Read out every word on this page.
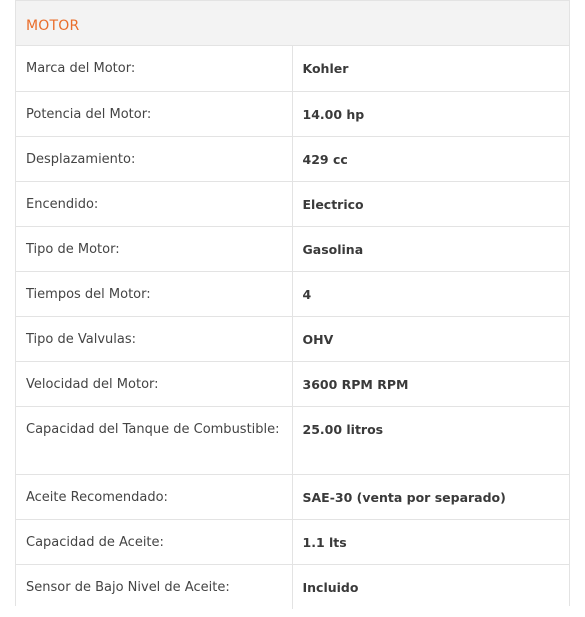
MOTOR
Marca del Motor:	Kohler
Potencia del Motor:	14.00 hp
Desplazamiento:	429 cc
Encendido:	Electrico
Tipo de Motor:	Gasolina
Tiempos del Motor:	4
Tipo de Valvulas:	OHV
Velocidad del Motor:	3600 RPM RPM
Capacidad del Tanque de Combustible:	25.00 litros
Aceite Recomendado:	SAE-30 (venta por separado)
Capacidad de Aceite:	1.1 lts
Sensor de Bajo Nivel de Aceite:	Incluido
